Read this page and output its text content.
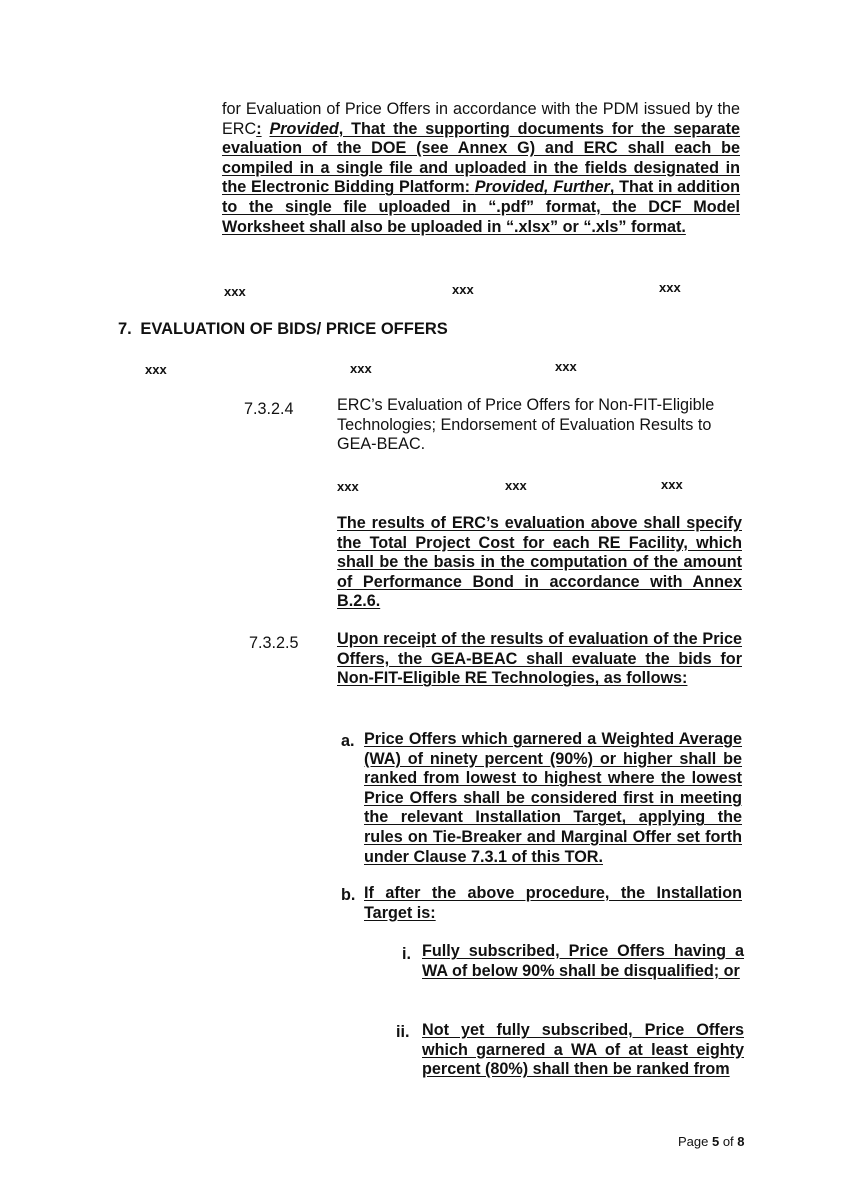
for Evaluation of Price Offers in accordance with the PDM issued by the ERC: Provided, That the supporting documents for the separate evaluation of the DOE (see Annex G) and ERC shall each be compiled in a single file and uploaded in the fields designated in the Electronic Bidding Platform: Provided, Further, That in addition to the single file uploaded in “.pdf” format, the DCF Model Worksheet shall also be uploaded in “.xlsx” or “.xls” format.
xxx	xxx	xxx
7. EVALUATION OF BIDS/ PRICE OFFERS
xxx	xxx	xxx
7.3.2.4	ERC’s Evaluation of Price Offers for Non-FIT-Eligible Technologies; Endorsement of Evaluation Results to GEA-BEAC.
xxx	xxx	xxx
The results of ERC’s evaluation above shall specify the Total Project Cost for each RE Facility, which shall be the basis in the computation of the amount of Performance Bond in accordance with Annex B.2.6.
7.3.2.5 Upon receipt of the results of evaluation of the Price Offers, the GEA-BEAC shall evaluate the bids for Non-FIT-Eligible RE Technologies, as follows:
a. Price Offers which garnered a Weighted Average (WA) of ninety percent (90%) or higher shall be ranked from lowest to highest where the lowest Price Offers shall be considered first in meeting the relevant Installation Target, applying the rules on Tie-Breaker and Marginal Offer set forth under Clause 7.3.1 of this TOR.
b. If after the above procedure, the Installation Target is:
i. Fully subscribed, Price Offers having a WA of below 90% shall be disqualified; or
ii. Not yet fully subscribed, Price Offers which garnered a WA of at least eighty percent (80%) shall then be ranked from
Page 5 of 8
